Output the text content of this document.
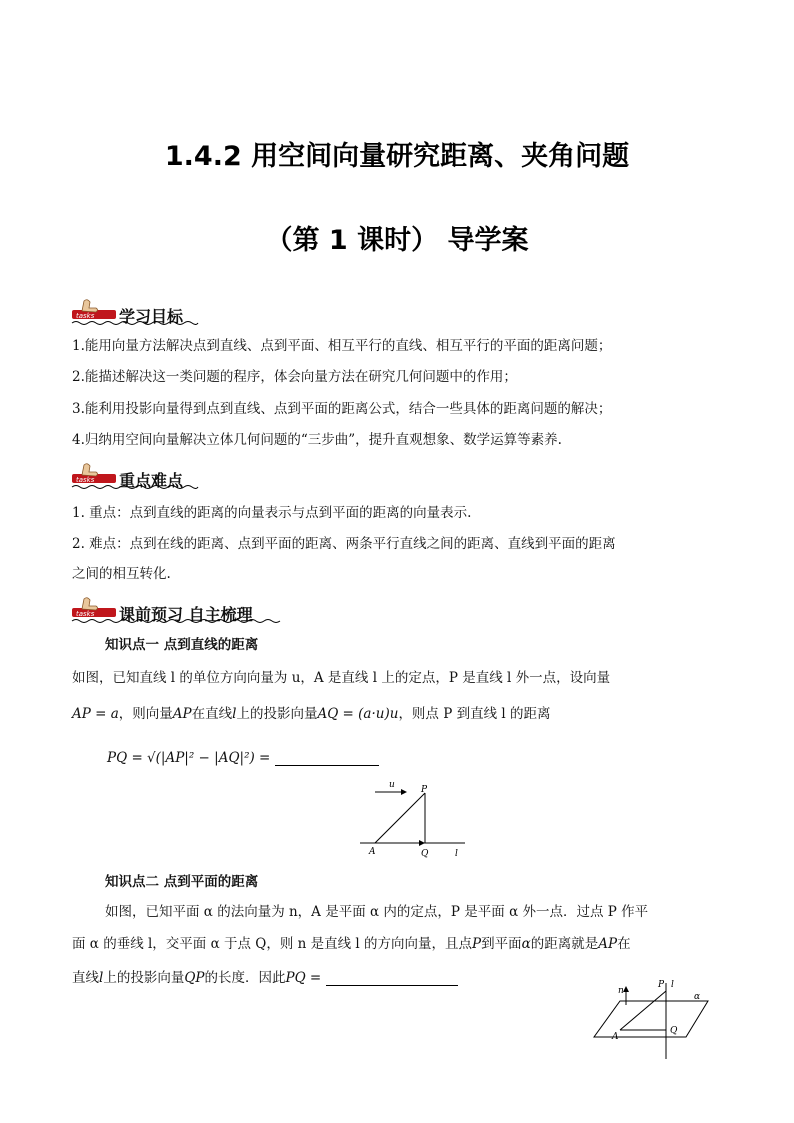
1.4.2 用空间向量研究距离、夹角问题
（第 1 课时） 导学案
tasks 学习目标
1.能用向量方法解决点到直线、点到平面、相互平行的直线、相互平行的平面的距离问题；
2.能描述解决这一类问题的程序，体会向量方法在研究几何问题中的作用；
3.能利用投影向量得到点到直线、点到平面的距离公式，结合一些具体的距离问题的解决；
4.归纳用空间向量解决立体几何问题的“三步曲”，提升直观想象、数学运算等素养.
tasks 重点难点
1. 重点：点到直线的距离的向量表示与点到平面的距离的向量表示.
2. 难点：点到在线的距离、点到平面的距离、两条平行直线之间的距离、直线到平面的距离
之间的相互转化.
tasks 课前预习 自主梳理
知识点一 点到直线的距离
如图，已知直线 l 的单位方向向量为 u，A 是直线 l 上的定点，P 是直线 l 外一点，设向量
AP = a，则向量AP在直线l上的投影向量AQ = (a·u)u，则点 P 到直线 l 的距离
PQ = √(|AP|² − |AQ|²) =
u	P
A	Q	l
知识点二 点到平面的距离
如图，已知平面 α 的法向量为 n，A 是平面 α 内的定点，P 是平面 α 外一点．过点 P 作平
面 α 的垂线 l，交平面 α 于点 Q，则 n 是直线 l 的方向向量，且点P到平面α的距离就是AP在
直线l上的投影向量QP的长度．因此PQ =
n
P l
α
A
Q
